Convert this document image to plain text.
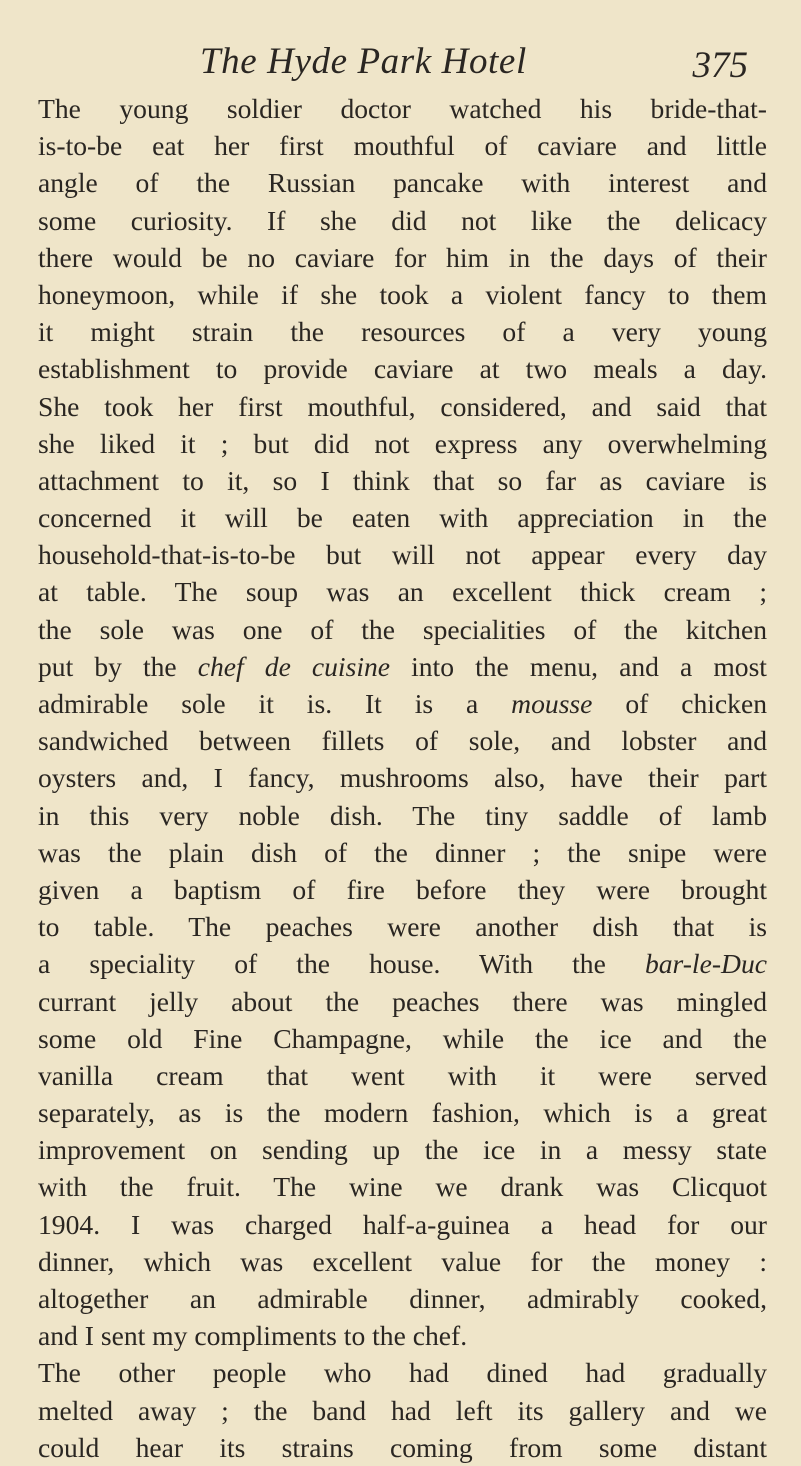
The Hyde Park Hotel	375
The young soldier doctor watched his bride-that-
is-to-be eat her first mouthful of caviare and little
angle of the Russian pancake with interest and
some curiosity. If she did not like the delicacy
there would be no caviare for him in the days of their
honeymoon, while if she took a violent fancy to them
it might strain the resources of a very young
establishment to provide caviare at two meals a day.
She took her first mouthful, considered, and said that
she liked it ; but did not express any overwhelming
attachment to it, so I think that so far as caviare is
concerned it will be eaten with appreciation in the
household-that-is-to-be but will not appear every day
at table. The soup was an excellent thick cream ;
the sole was one of the specialities of the kitchen
put by the chef de cuisine into the menu, and a most
admirable sole it is. It is a mousse of chicken
sandwiched between fillets of sole, and lobster and
oysters and, I fancy, mushrooms also, have their part
in this very noble dish. The tiny saddle of lamb
was the plain dish of the dinner ; the snipe were
given a baptism of fire before they were brought
to table. The peaches were another dish that is
a speciality of the house. With the bar-le-Duc
currant jelly about the peaches there was mingled
some old Fine Champagne, while the ice and the
vanilla cream that went with it were served
separately, as is the modern fashion, which is a great
improvement on sending up the ice in a messy state
with the fruit. The wine we drank was Clicquot
1904. I was charged half-a-guinea a head for our
dinner, which was excellent value for the money :
altogether an admirable dinner, admirably cooked,
and I sent my compliments to the chef.
The other people who had dined had gradually
melted away ; the band had left its gallery and we
could hear its strains coming from some distant
